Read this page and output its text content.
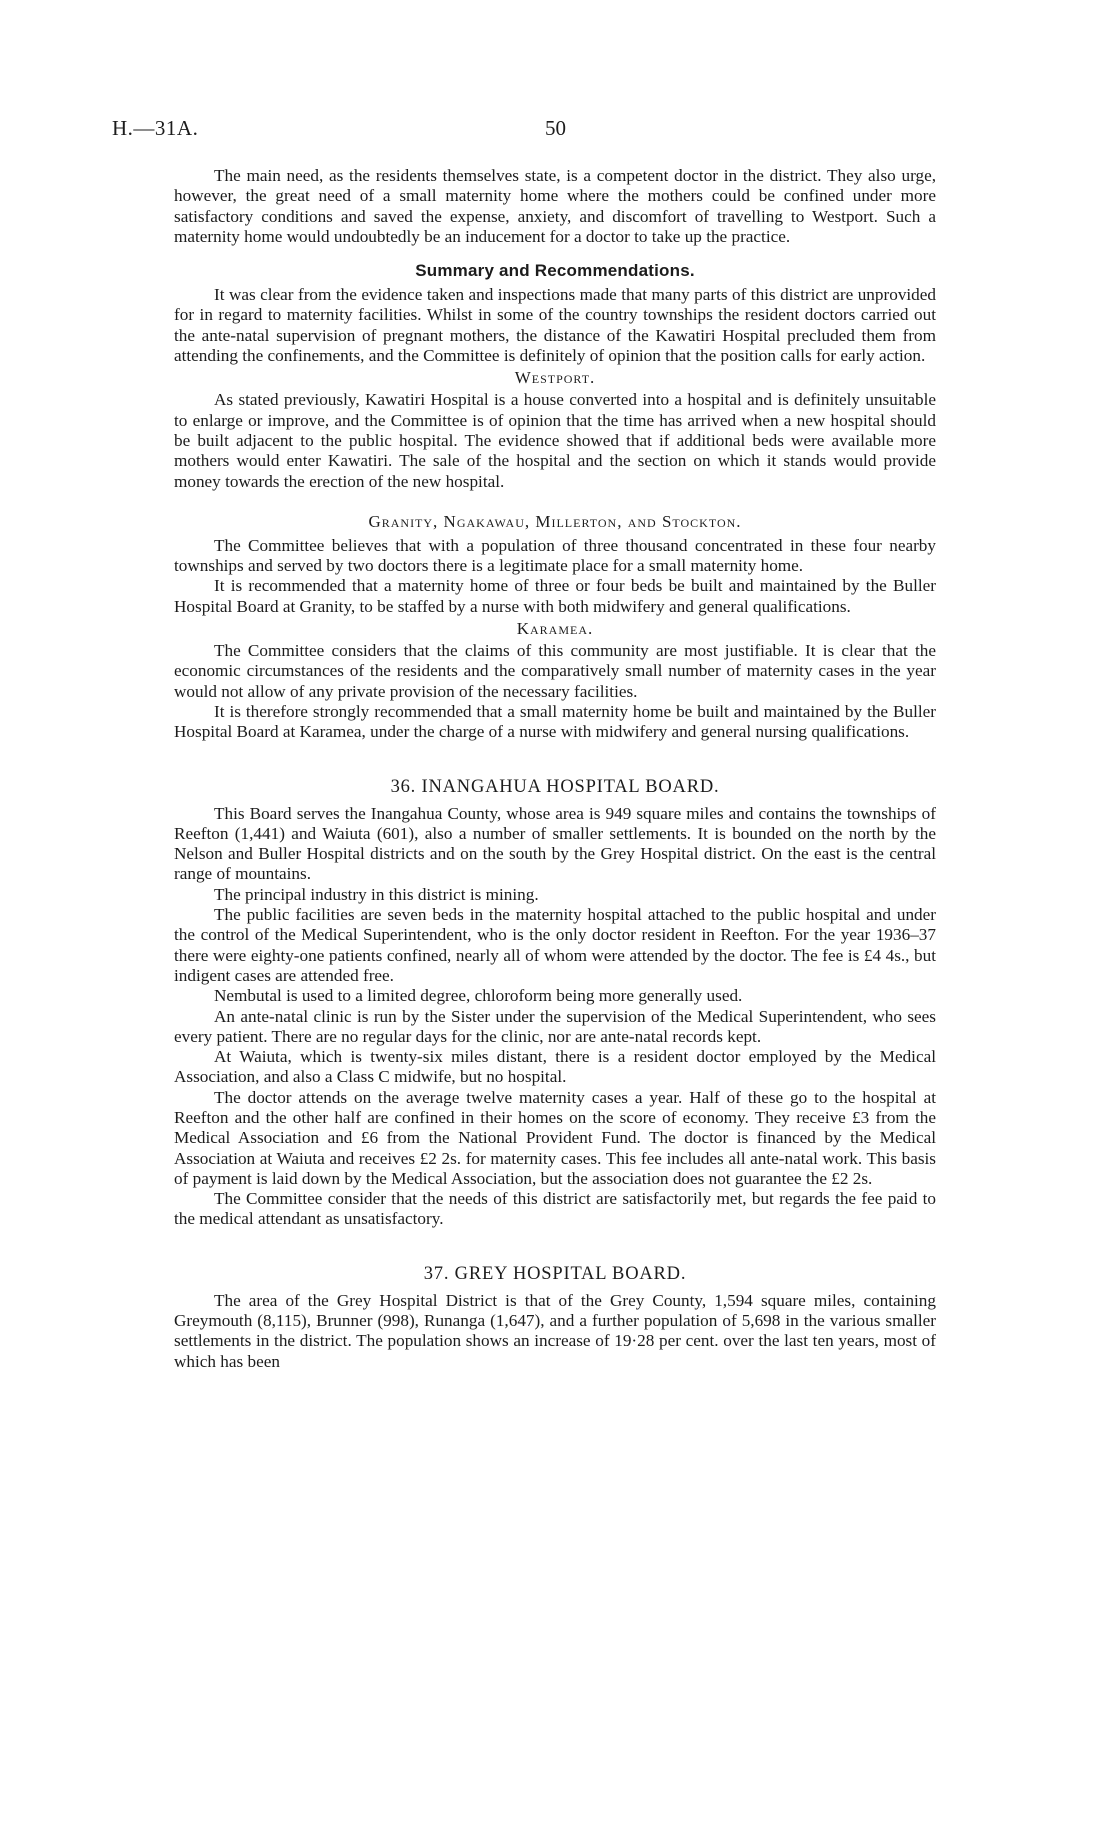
H.—31A.	50

The main need, as the residents themselves state, is a competent doctor in the district. They also urge, however, the great need of a small maternity home where the mothers could be confined under more satisfactory conditions and saved the expense, anxiety, and discomfort of travelling to Westport. Such a maternity home would undoubtedly be an inducement for a doctor to take up the practice.

Summary and Recommendations.

It was clear from the evidence taken and inspections made that many parts of this district are unprovided for in regard to maternity facilities. Whilst in some of the country townships the resident doctors carried out the ante-natal supervision of pregnant mothers, the distance of the Kawatiri Hospital precluded them from attending the confinements, and the Committee is definitely of opinion that the position calls for early action.

Westport.

As stated previously, Kawatiri Hospital is a house converted into a hospital and is definitely unsuitable to enlarge or improve, and the Committee is of opinion that the time has arrived when a new hospital should be built adjacent to the public hospital. The evidence showed that if additional beds were available more mothers would enter Kawatiri. The sale of the hospital and the section on which it stands would provide money towards the erection of the new hospital.

Granity, Ngakawau, Millerton, and Stockton.

The Committee believes that with a population of three thousand concentrated in these four nearby townships and served by two doctors there is a legitimate place for a small maternity home.

It is recommended that a maternity home of three or four beds be built and maintained by the Buller Hospital Board at Granity, to be staffed by a nurse with both midwifery and general qualifications.

Karamea.

The Committee considers that the claims of this community are most justifiable. It is clear that the economic circumstances of the residents and the comparatively small number of maternity cases in the year would not allow of any private provision of the necessary facilities.

It is therefore strongly recommended that a small maternity home be built and maintained by the Buller Hospital Board at Karamea, under the charge of a nurse with midwifery and general nursing qualifications.

36. INANGAHUA HOSPITAL BOARD.

This Board serves the Inangahua County, whose area is 949 square miles and contains the townships of Reefton (1,441) and Waiuta (601), also a number of smaller settlements. It is bounded on the north by the Nelson and Buller Hospital districts and on the south by the Grey Hospital district. On the east is the central range of mountains.

The principal industry in this district is mining.

The public facilities are seven beds in the maternity hospital attached to the public hospital and under the control of the Medical Superintendent, who is the only doctor resident in Reefton. For the year 1936–37 there were eighty-one patients confined, nearly all of whom were attended by the doctor. The fee is £4 4s., but indigent cases are attended free.

Nembutal is used to a limited degree, chloroform being more generally used.

An ante-natal clinic is run by the Sister under the supervision of the Medical Superintendent, who sees every patient. There are no regular days for the clinic, nor are ante-natal records kept.

At Waiuta, which is twenty-six miles distant, there is a resident doctor employed by the Medical Association, and also a Class C midwife, but no hospital.

The doctor attends on the average twelve maternity cases a year. Half of these go to the hospital at Reefton and the other half are confined in their homes on the score of economy. They receive £3 from the Medical Association and £6 from the National Provident Fund. The doctor is financed by the Medical Association at Waiuta and receives £2 2s. for maternity cases. This fee includes all ante-natal work. This basis of payment is laid down by the Medical Association, but the association does not guarantee the £2 2s.

The Committee consider that the needs of this district are satisfactorily met, but regards the fee paid to the medical attendant as unsatisfactory.

37. GREY HOSPITAL BOARD.

The area of the Grey Hospital District is that of the Grey County, 1,594 square miles, containing Greymouth (8,115), Brunner (998), Runanga (1,647), and a further population of 5,698 in the various smaller settlements in the district. The population shows an increase of 19·28 per cent. over the last ten years, most of which has been
